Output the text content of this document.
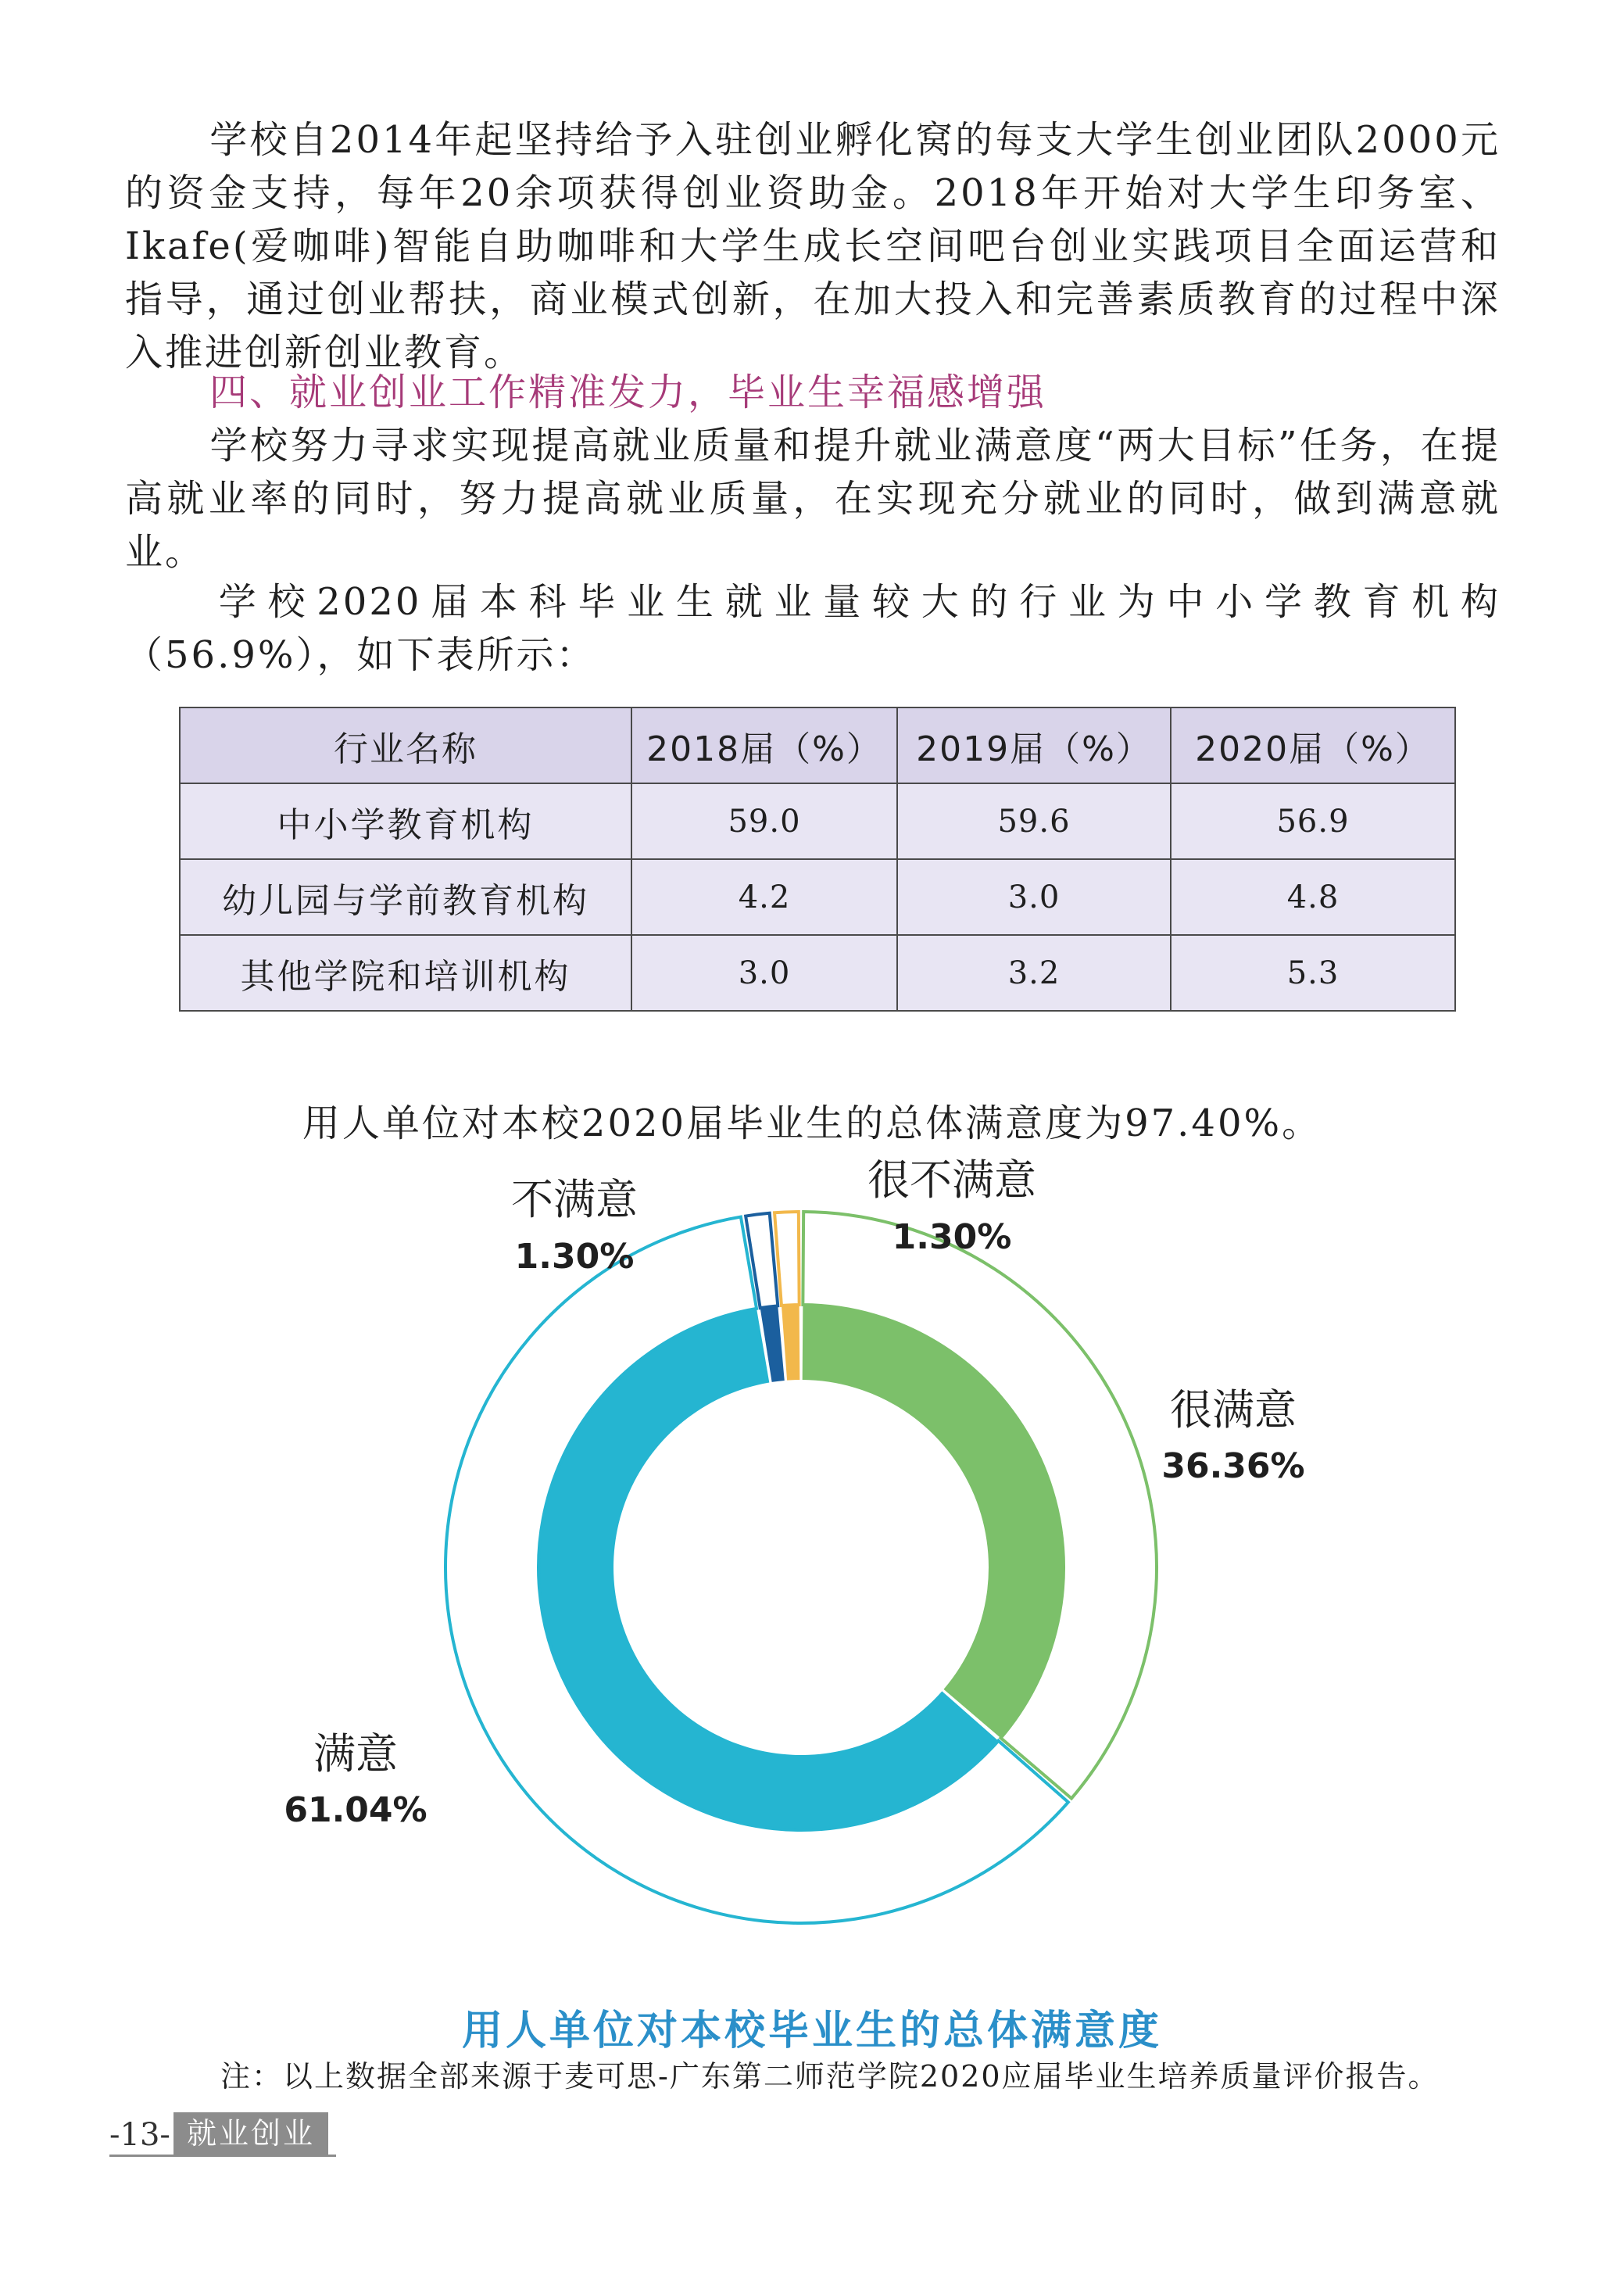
学校自2014年起坚持给予入驻创业孵化窝的每支大学生创业团队2000元的资金支持，每年20余项获得创业资助金。2018年开始对大学生印务室、Ikafe(爱咖啡)智能自助咖啡和大学生成长空间吧台创业实践项目全面运营和指导，通过创业帮扶，商业模式创新，在加大投入和完善素质教育的过程中深入推进创新创业教育。

四、就业创业工作精准发力，毕业生幸福感增强

学校努力寻求实现提高就业质量和提升就业满意度“两大目标”任务，在提高就业率的同时，努力提高就业质量，在实现充分就业的同时，做到满意就业。

学校2020届本科毕业生就业量较大的行业为中小学教育机构（56.9%），如下表所示：

行业名称	2018届（%）	2019届（%）	2020届（%）
中小学教育机构	59.0	59.6	56.9
幼儿园与学前教育机构	4.2	3.0	4.8
其他学院和培训机构	3.0	3.2	5.3

用人单位对本校2020届毕业生的总体满意度为97.40%。

很满意
36.36%
满意
61.04%
不满意
1.30%
很不满意
1.30%

用人单位对本校毕业生的总体满意度

注：以上数据全部来源于麦可思-广东第二师范学院2020应届毕业生培养质量评价报告。

-13- 就业创业
